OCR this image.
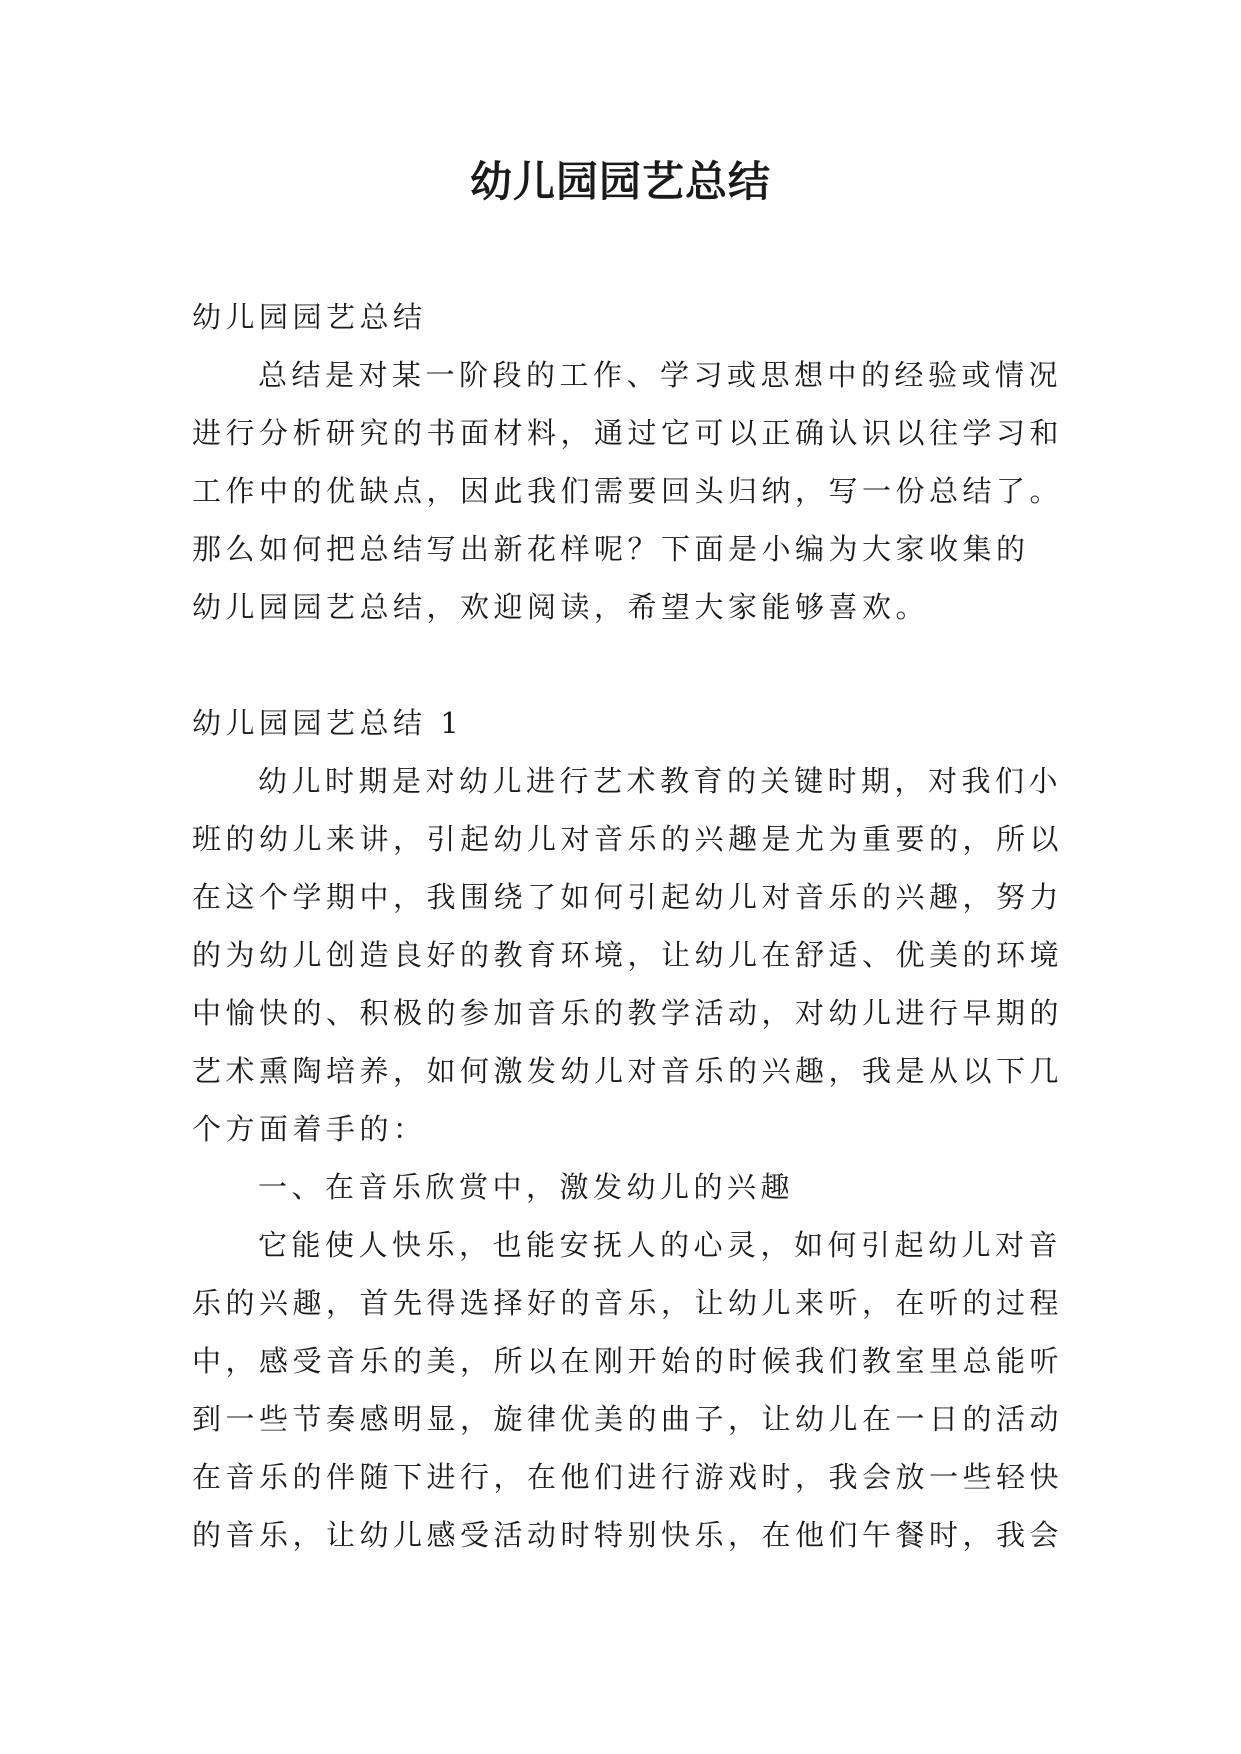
幼儿园园艺总结
幼儿园园艺总结
总结是对某一阶段的工作、学习或思想中的经验或情况
进行分析研究的书面材料，通过它可以正确认识以往学习和
工作中的优缺点，因此我们需要回头归纳，写一份总结了。
那么如何把总结写出新花样呢？下面是小编为大家收集的
幼儿园园艺总结，欢迎阅读，希望大家能够喜欢。
幼儿园园艺总结 1
幼儿时期是对幼儿进行艺术教育的关键时期，对我们小
班的幼儿来讲，引起幼儿对音乐的兴趣是尤为重要的，所以
在这个学期中，我围绕了如何引起幼儿对音乐的兴趣，努力
的为幼儿创造良好的教育环境，让幼儿在舒适、优美的环境
中愉快的、积极的参加音乐的教学活动，对幼儿进行早期的
艺术熏陶培养，如何激发幼儿对音乐的兴趣，我是从以下几
个方面着手的：
一、在音乐欣赏中，激发幼儿的兴趣
它能使人快乐，也能安抚人的心灵，如何引起幼儿对音
乐的兴趣，首先得选择好的音乐，让幼儿来听，在听的过程
中，感受音乐的美，所以在刚开始的时候我们教室里总能听
到一些节奏感明显，旋律优美的曲子，让幼儿在一日的活动
在音乐的伴随下进行，在他们进行游戏时，我会放一些轻快
的音乐，让幼儿感受活动时特别快乐，在他们午餐时，我会
